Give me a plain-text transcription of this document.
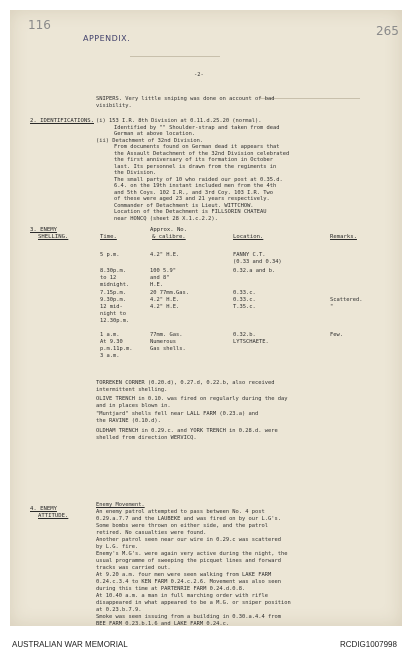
116	265
APPENDIX.
-2-
SNIPERS. Very little sniping was done on account of bad
visibility.
2. IDENTIFICATIONS. (i) 153 I.R. 8th Division at 0.11.d.25.20 (normal).
Identified by "" Shoulder-strap and taken from dead
German at above location.
(ii) Detachment of 32nd Division.
From documents found on German dead it appears that
the Assault Detachment of the 32nd Division celebrated
the first anniversary of its formation in October
last. Its personnel is drawn from the regiments in
the Division.
The small party of 10 who raided our post at 0.35.d.
6.4. on the 19th instant included men from the 4th
and 5th Coys. 102 I.R., and 3rd Coy. 103 I.R. Two
of these were aged 23 and 21 years respectively.
Commander of Detachment is Lieut. WITTCHOW.
Location of the Detachment is FILLSORIN CHATEAU
near HONCQ (sheet 28 X.1.c.2.2).
3. ENEMY
SHELLING.	Time.
Approx. No.
& calibre.	Location.	Remarks.
5 p.m.	4.2" H.E.	FANNY C.T.
(0.33 and 0.34)
8.30p.m.	100 5.9"	0.32.a and b.
to 12	and 8"
midnight.	H.E.
7.15p.m.	20 77mm.Gas.	0.33.c.
9.30p.m.	4.2" H.E.	0.33.c.	Scattered.
12 mid-	4.2" H.E.	T.35.c.	"
night to
12.30p.m.
1 a.m.	77mm. Gas.	0.32.b.	Few.
At 9.30	Numerous	LYTSCHAETE.
p.m.11p.m.	Gas shells.
3 a.m.
TORREKEN CORNER (0.20.d), 0.27.d, 0.22.b, also received
intermittent shelling.
OLIVE TRENCH in 0.10. was fired on regularly during the day
and in places blown in.
"Muntjard" shells fell near LALL FARM (0.23.a) and
the RAVINE (0.10.d).
OLDHAM TRENCH in 0.29.c. and YORK TRENCH in 0.28.d. were
shelled from direction WERVICQ.
4. ENEMY
ATTITUDE.
Enemy Movement.
An enemy patrol attempted to pass between No. 4 post
0.29.a.7.7 and the LAUBEKE and was fired on by our L.G's.
Some bombs were thrown on either side, and the patrol
retired. No casualties were found.
Another patrol seen near our wire in 0.29.c was scattered
by L.G. fire.
Enemy's M.G's. were again very active during the night, the
usual programme of sweeping the picquet lines and forward
tracks was carried out.
At 9.20 a.m. four men were seen walking from LAKE FARM
0.24.c.3.4 to KEN FARM 0.24.c.2.6. Movement was also seen
during this time at PARTENRIE FARM 0.24.d.0.8.
At 10.40 a.m. a man in full marching order with rifle
disappeared in what appeared to be a M.G. or sniper position
at 0.23.b.7.9.
Smoke was seen issuing from a building in 0.30.a.4.4 from
BEE FARM 0.23.b.1.6 and LAKE FARM 0.24.c.
AUSTRALIAN WAR MEMORIAL	RCDIG1007998
